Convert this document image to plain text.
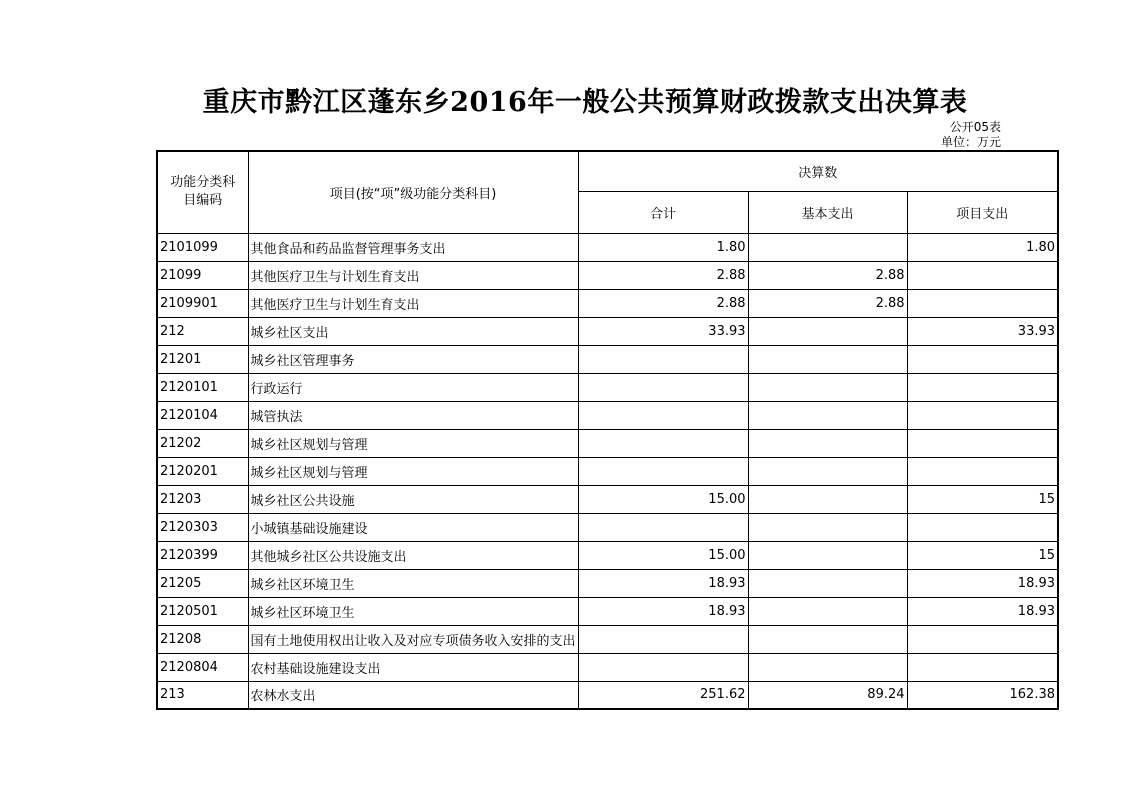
重庆市黔江区蓬东乡2016年一般公共预算财政拨款支出决算表
公开05表
单位：万元
功能分类科
目编码	项目(按“项”级功能分类科目)	决算数		
		合计	基本支出	项目支出
2101099	其他食品和药品监督管理事务支出	1.80		1.80
21099	其他医疗卫生与计划生育支出	2.88	2.88	
2109901	其他医疗卫生与计划生育支出	2.88	2.88	
212	城乡社区支出	33.93		33.93
21201	城乡社区管理事务			
2120101	行政运行			
2120104	城管执法			
21202	城乡社区规划与管理			
2120201	城乡社区规划与管理			
21203	城乡社区公共设施	15.00		15
2120303	小城镇基础设施建设			
2120399	其他城乡社区公共设施支出	15.00		15
21205	城乡社区环境卫生	18.93		18.93
2120501	城乡社区环境卫生	18.93		18.93
21208	国有土地使用权出让收入及对应专项债务收入安排的支出			
2120804	农村基础设施建设支出			
213	农林水支出	251.62	89.24	162.38
